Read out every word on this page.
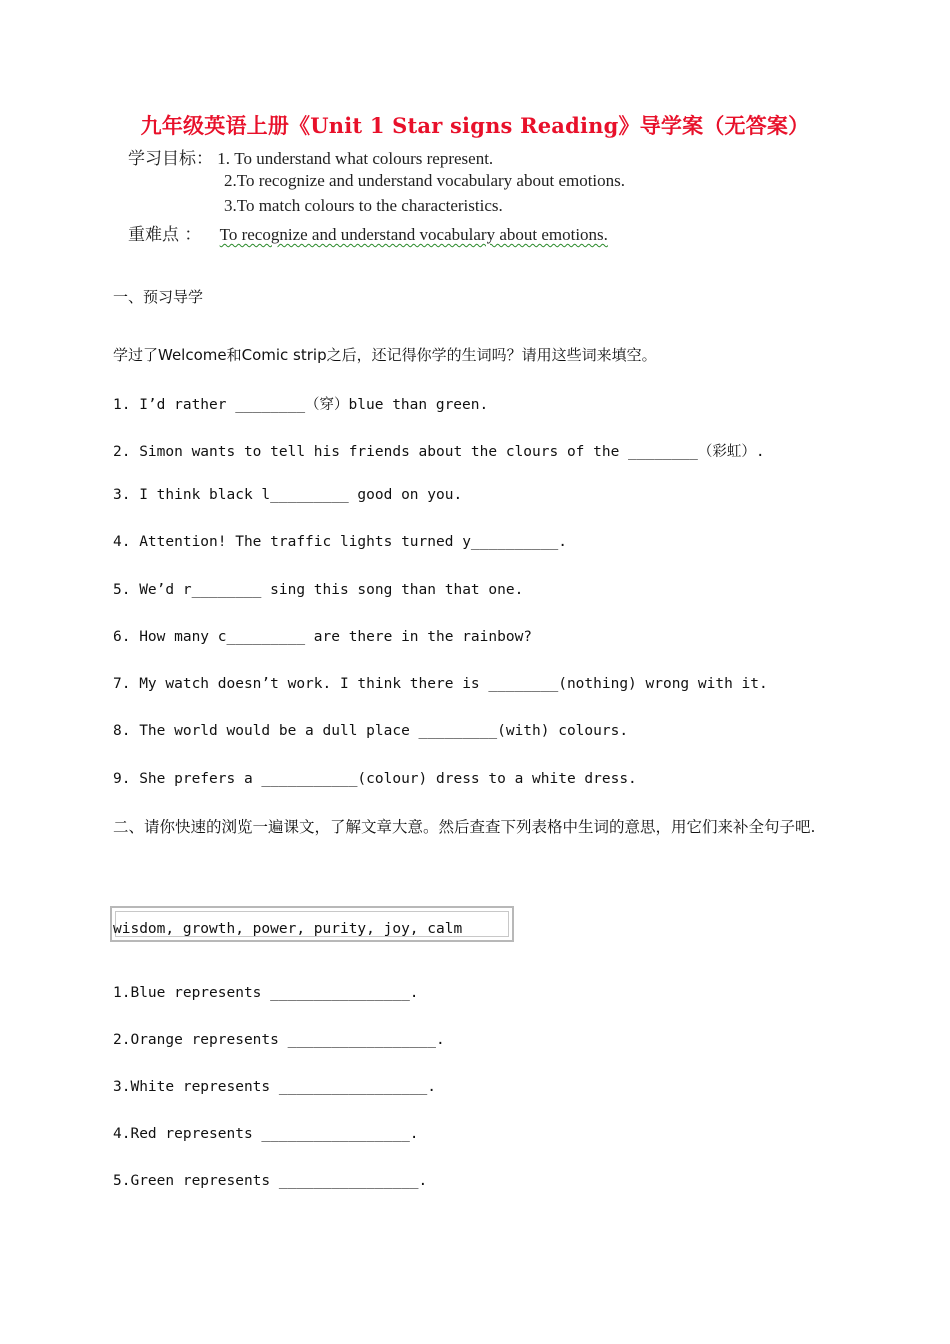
九年级英语上册《Unit 1 Star signs Reading》导学案（无答案）
学习目标： 1. To understand what colours represent.
2.To recognize and understand vocabulary about emotions.
3.To match colours to the characteristics.
重难点 ： To recognize and understand vocabulary about emotions.
一、预习导学
学过了Welcome和Comic strip之后，还记得你学的生词吗？请用这些词来填空。
1. I’d rather ________（穿）blue than green.
2. Simon wants to tell his friends about the clours of the ________（彩虹）.
3. I think black l_________ good on you.
4. Attention! The traffic lights turned y__________.
5. We’d r________ sing this song than that one.
6. How many c_________ are there in the rainbow?
7. My watch doesn’t work. I think there is ________(nothing) wrong with it.
8. The world would be a dull place _________(with) colours.
9. She prefers a ___________(colour) dress to a white dress.
二、请你快速的浏览一遍课文，了解文章大意。然后查查下列表格中生词的意思，用它们来补全句子吧.
wisdom, growth, power, purity, joy, calm
1.Blue represents ________________.
2.Orange represents _________________.
3.White represents _________________.
4.Red represents _________________.
5.Green represents ________________.
